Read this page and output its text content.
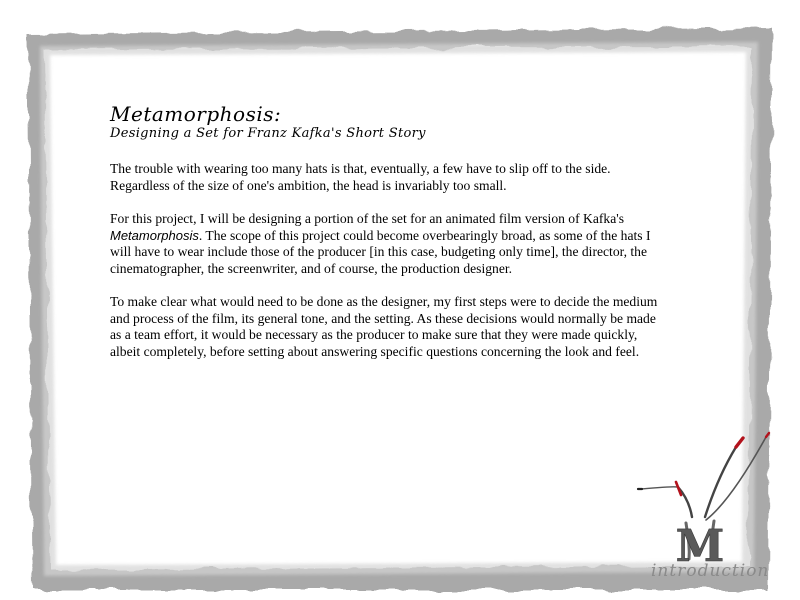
Metamorphosis:
Designing a Set for Franz Kafka's Short Story

The trouble with wearing too many hats is that, eventually, a few have to slip off to the side. Regardless of the size of one's ambition, the head is invariably too small.

For this project, I will be designing a portion of the set for an animated film version of Kafka's Metamorphosis. The scope of this project could become overbearingly broad, as some of the hats I will have to wear include those of the producer [in this case, budgeting only time], the director, the cinematographer, the screenwriter, and of course, the production designer.

To make clear what would need to be done as the designer, my first steps were to decide the medium and process of the film, its general tone, and the setting. As these decisions would normally be made as a team effort, it would be necessary as the producer to make sure that they were made quickly, albeit completely, before setting about answering specific questions concerning the look and feel.

M
introduction
